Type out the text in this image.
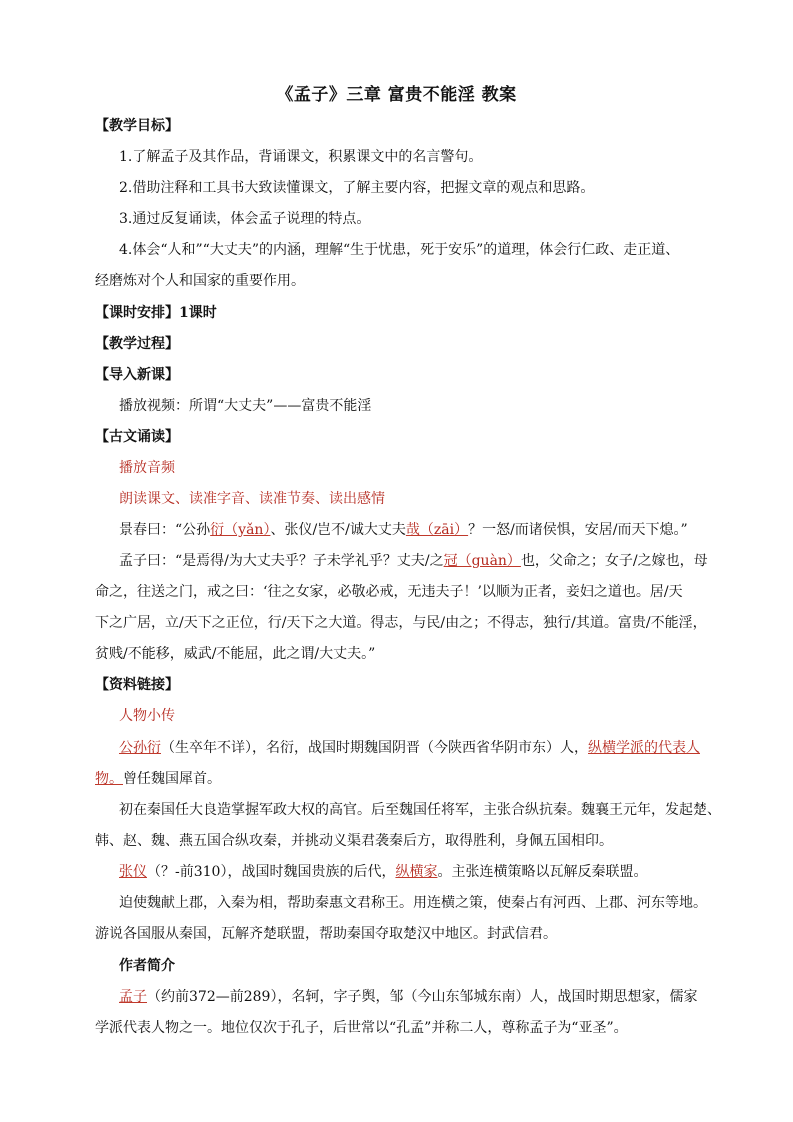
《孟子》三章 富贵不能淫 教案
【教学目标】
1.了解孟子及其作品，背诵课文，积累课文中的名言警句。
2.借助注释和工具书大致读懂课文，了解主要内容，把握文章的观点和思路。
3.通过反复诵读，体会孟子说理的特点。
4.体会“人和”“大丈夫”的内涵，理解“生于忧患，死于安乐”的道理，体会行仁政、走正道、
经磨炼对个人和国家的重要作用。
【课时安排】1课时
【教学过程】
【导入新课】
播放视频：所谓“大丈夫”——富贵不能淫
【古文诵读】
播放音频
朗读课文、读准字音、读准节奏、读出感情
景春曰：“公孙衍（yǎn）、张仪/岂不/诚大丈夫哉（zāi）？一怒/而诸侯惧，安居/而天下熄。”
孟子曰：“是焉得/为大丈夫乎？子未学礼乎？丈夫/之冠（guàn）也，父命之；女子/之嫁也，母
命之，往送之门，戒之曰：‘往之女家，必敬必戒，无违夫子！’以顺为正者，妾妇之道也。居/天
下之广居，立/天下之正位，行/天下之大道。得志，与民/由之；不得志，独行/其道。富贵/不能淫，
贫贱/不能移，威武/不能屈，此之谓/大丈夫。”
【资料链接】
人物小传
公孙衍（生卒年不详），名衍，战国时期魏国阴晋（今陕西省华阴市东）人，纵横学派的代表人
物。曾任魏国犀首。
初在秦国任大良造掌握军政大权的高官。后至魏国任将军，主张合纵抗秦。魏襄王元年，发起楚、
韩、赵、魏、燕五国合纵攻秦，并挑动义渠君袭秦后方，取得胜利，身佩五国相印。
张仪（？-前310），战国时魏国贵族的后代，纵横家。主张连横策略以瓦解反秦联盟。
迫使魏献上郡，入秦为相，帮助秦惠文君称王。用连横之策，使秦占有河西、上郡、河东等地。
游说各国服从秦国，瓦解齐楚联盟，帮助秦国夺取楚汉中地区。封武信君。
作者简介
孟子（约前372—前289），名轲，字子舆，邹（今山东邹城东南）人，战国时期思想家，儒家
学派代表人物之一。地位仅次于孔子，后世常以“孔孟”并称二人，尊称孟子为“亚圣”。
